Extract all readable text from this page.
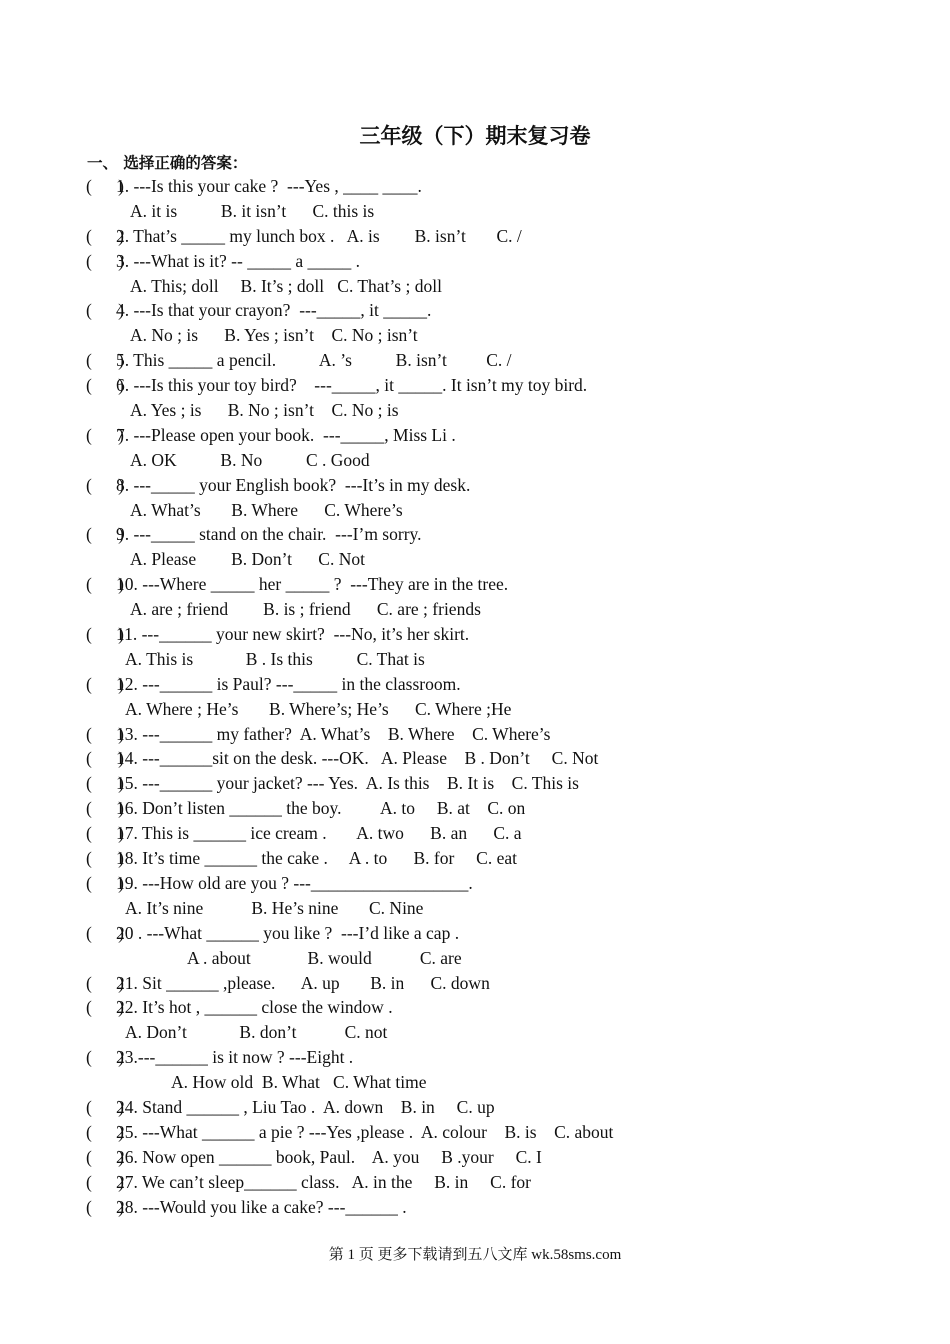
三年级（下）期末复习卷
一、 选择正确的答案：
(      )
1. ---Is this your cake ?  ---Yes , ____ ____.
A. it is          B. it isn’t      C. this is
(      )
2. That’s _____ my lunch box .   A. is        B. isn’t       C. /
(      )
3. ---What is it? -- _____ a _____ .
A. This; doll     B. It’s ; doll   C. That’s ; doll
(      )
4. ---Is that your crayon?  ---_____, it _____.
A. No ; is      B. Yes ; isn’t    C. No ; isn’t
(      )
5. This _____ a pencil.          A. ’s          B. isn’t         C. /
(      )
6. ---Is this your toy bird?    ---_____, it _____. It isn’t my toy bird.
A. Yes ; is      B. No ; isn’t    C. No ; is
(      )
7. ---Please open your book.  ---_____, Miss Li .
A. OK          B. No          C . Good
(      )
8. ---_____ your English book?  ---It’s in my desk.
A. What’s       B. Where      C. Where’s
(      )
9. ---_____ stand on the chair.  ---I’m sorry.
A. Please        B. Don’t      C. Not
(      )
10. ---Where _____ her _____ ?  ---They are in the tree.
A. are ; friend        B. is ; friend      C. are ; friends
(      )
11. ---______ your new skirt?  ---No, it’s her skirt.
A. This is            B . Is this          C. That is
(      )
12. ---______ is Paul? ---_____ in the classroom.
A. Where ; He’s       B. Where’s; He’s      C. Where ;He
(      )
13. ---______ my father?  A. What’s    B. Where    C. Where’s
(      )
14. ---______sit on the desk. ---OK.   A. Please    B . Don’t     C. Not
(      )
15. ---______ your jacket? --- Yes.  A. Is this    B. It is    C. This is
(      )
16. Don’t listen ______ the boy.         A. to     B. at    C. on
(      )
17. This is ______ ice cream .       A. two      B. an      C. a
(      )
18. It’s time ______ the cake .     A . to      B. for     C. eat
(      )
19. ---How old are you ? ---__________________.
A. It’s nine           B. He’s nine       C. Nine
(      )
20 . ---What ______ you like ?  ---I’d like a cap .
A . about             B. would           C. are
(      )
21. Sit ______ ,please.      A. up       B. in      C. down
(      )
22. It’s hot , ______ close the window .
A. Don’t            B. don’t           C. not
(      )
23.---______ is it now ? ---Eight .
A. How old  B. What   C. What time
(      )
24. Stand ______ , Liu Tao .  A. down    B. in     C. up
(      )
25. ---What ______ a pie ? ---Yes ,please .  A. colour    B. is    C. about
(      )
26. Now open ______ book, Paul.    A. you     B .your     C. I
(      )
27. We can’t sleep______ class.   A. in the     B. in     C. for
(      )
28. ---Would you like a cake? ---______ .
第 1 页 更多下载请到五八文库 wk.58sms.com
